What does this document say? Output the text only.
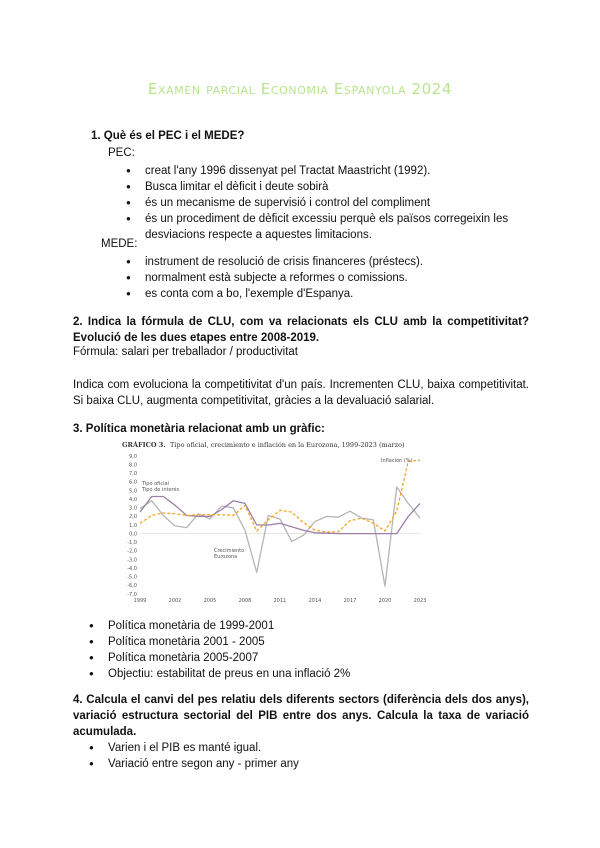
Examen parcial Economia Espanyola 2024
1. Què és el PEC i el MEDE?
PEC:
● creat l'any 1996 dissenyat pel Tractat Maastricht (1992).
● Busca limitar el dèficit i deute sobirà
● és un mecanisme de supervisió i control del compliment
● és un procediment de dèficit excessiu perquè els països corregeixin les desviacions respecte a aquestes limitacions.
MEDE:
● instrument de resolució de crisis financeres (préstecs).
● normalment està subjecte a reformes o comissions.
● es conta com a bo, l'exemple d'Espanya.
2. Indica la fórmula de CLU, com va relacionats els CLU amb la competitivitat? Evolució de les dues etapes entre 2008-2019.
Fórmula: salari per treballador / productivitat
Indica com evoluciona la competitivitat d'un país. Incrementen CLU, baixa competitivitat. Si baixa CLU, augmenta competitivitat, gràcies a la devaluació salarial.
3. Política monetària relacionat amb un gràfic:
GRÁFICO 3. Tipo oficial, crecimiento e inflación en la Eurozona, 1999-2023 (marzo)
9,0
8,0
7,0
6,0
5,0
4,0
3,0
2,0
1,0
0,0
-1,0
-2,0
-3,0
-4,0
-5,0
-6,0
-7,0
1999	2002	2005	2008	2011	2014	2017	2020	2023
Inflación (%)
Tipo oficial
Tipo de interés
Crecimiento
Eurozona
● Política monetària de 1999-2001
● Política monetària 2001 - 2005
● Política monetària 2005-2007
● Objectiu: estabilitat de preus en una inflació 2%
4. Calcula el canvi del pes relatiu dels diferents sectors (diferència dels dos anys), variació estructura sectorial del PIB entre dos anys. Calcula la taxa de variació acumulada.
● Varien i el PIB es manté igual.
● Variació entre segon any - primer any
